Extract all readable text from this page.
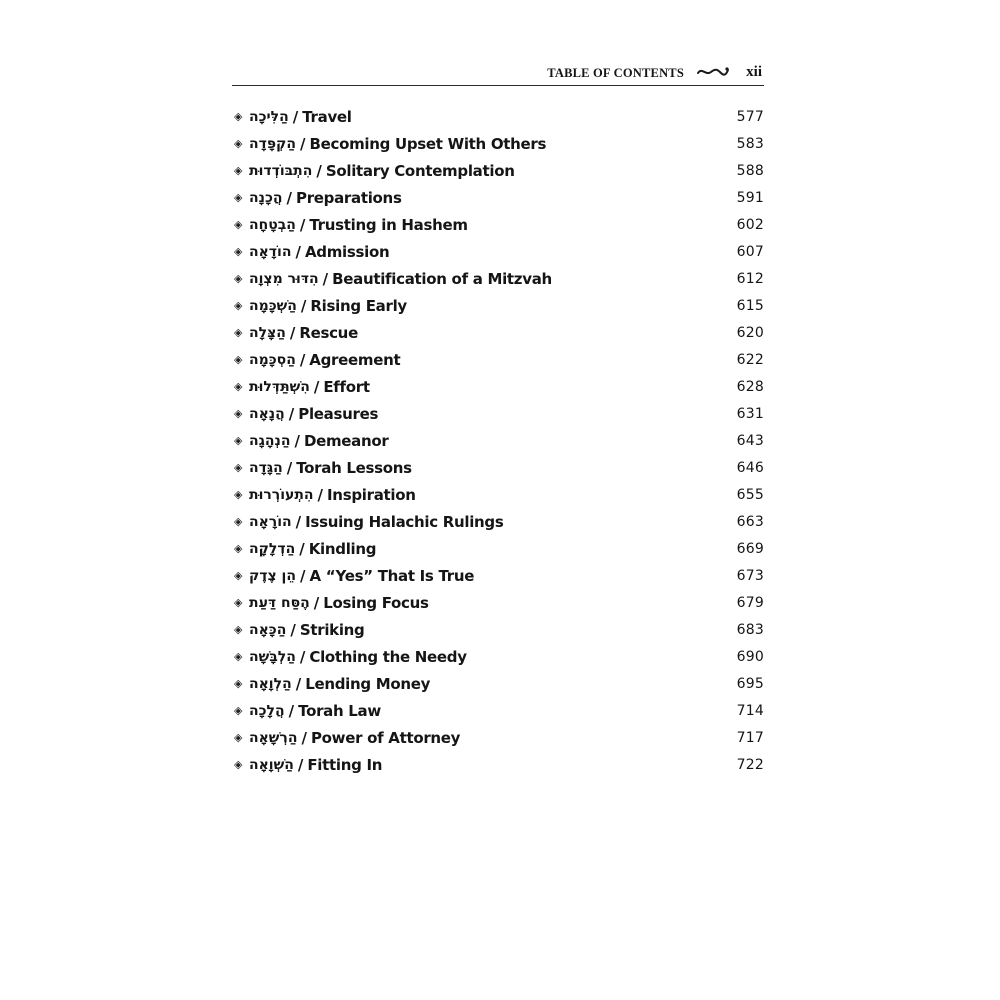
TABLE OF CONTENTS	xii
◈ הַלִּיכָה / Travel	577
◈ הַקְפָּדָה / Becoming Upset With Others	583
◈ הִתְבּוֹדְדוּת / Solitary Contemplation	588
◈ הֲכָנָה / Preparations	591
◈ הַבְטָחָה / Trusting in Hashem	602
◈ הוֹדָאָה / Admission	607
◈ הִדּוּר מִצְוָה / Beautification of a Mitzvah	612
◈ הַשְׁכָּמָה / Rising Early	615
◈ הַצָּלָה / Rescue	620
◈ הַסְכָּמָה / Agreement	622
◈ הִשְׁתַּדְּלוּת / Effort	628
◈ הֲנָאָה / Pleasures	631
◈ הַנְהָגָה / Demeanor	643
◈ הַגָּדָה / Torah Lessons	646
◈ הִתְעוֹרְרוּת / Inspiration	655
◈ הוֹרָאָה / Issuing Halachic Rulings	663
◈ הַדְלָקָה / Kindling	669
◈ הֵן צֶדֶק / A “Yes” That Is True	673
◈ הֶסַּח דַּעַת / Losing Focus	679
◈ הַכָּאָה / Striking	683
◈ הַלְבָּשָׁה / Clothing the Needy	690
◈ הַלְוָאָה / Lending Money	695
◈ הֲלָכָה / Torah Law	714
◈ הַרְשָׁאָה / Power of Attorney	717
◈ הַשְׁוָאָה / Fitting In	722
